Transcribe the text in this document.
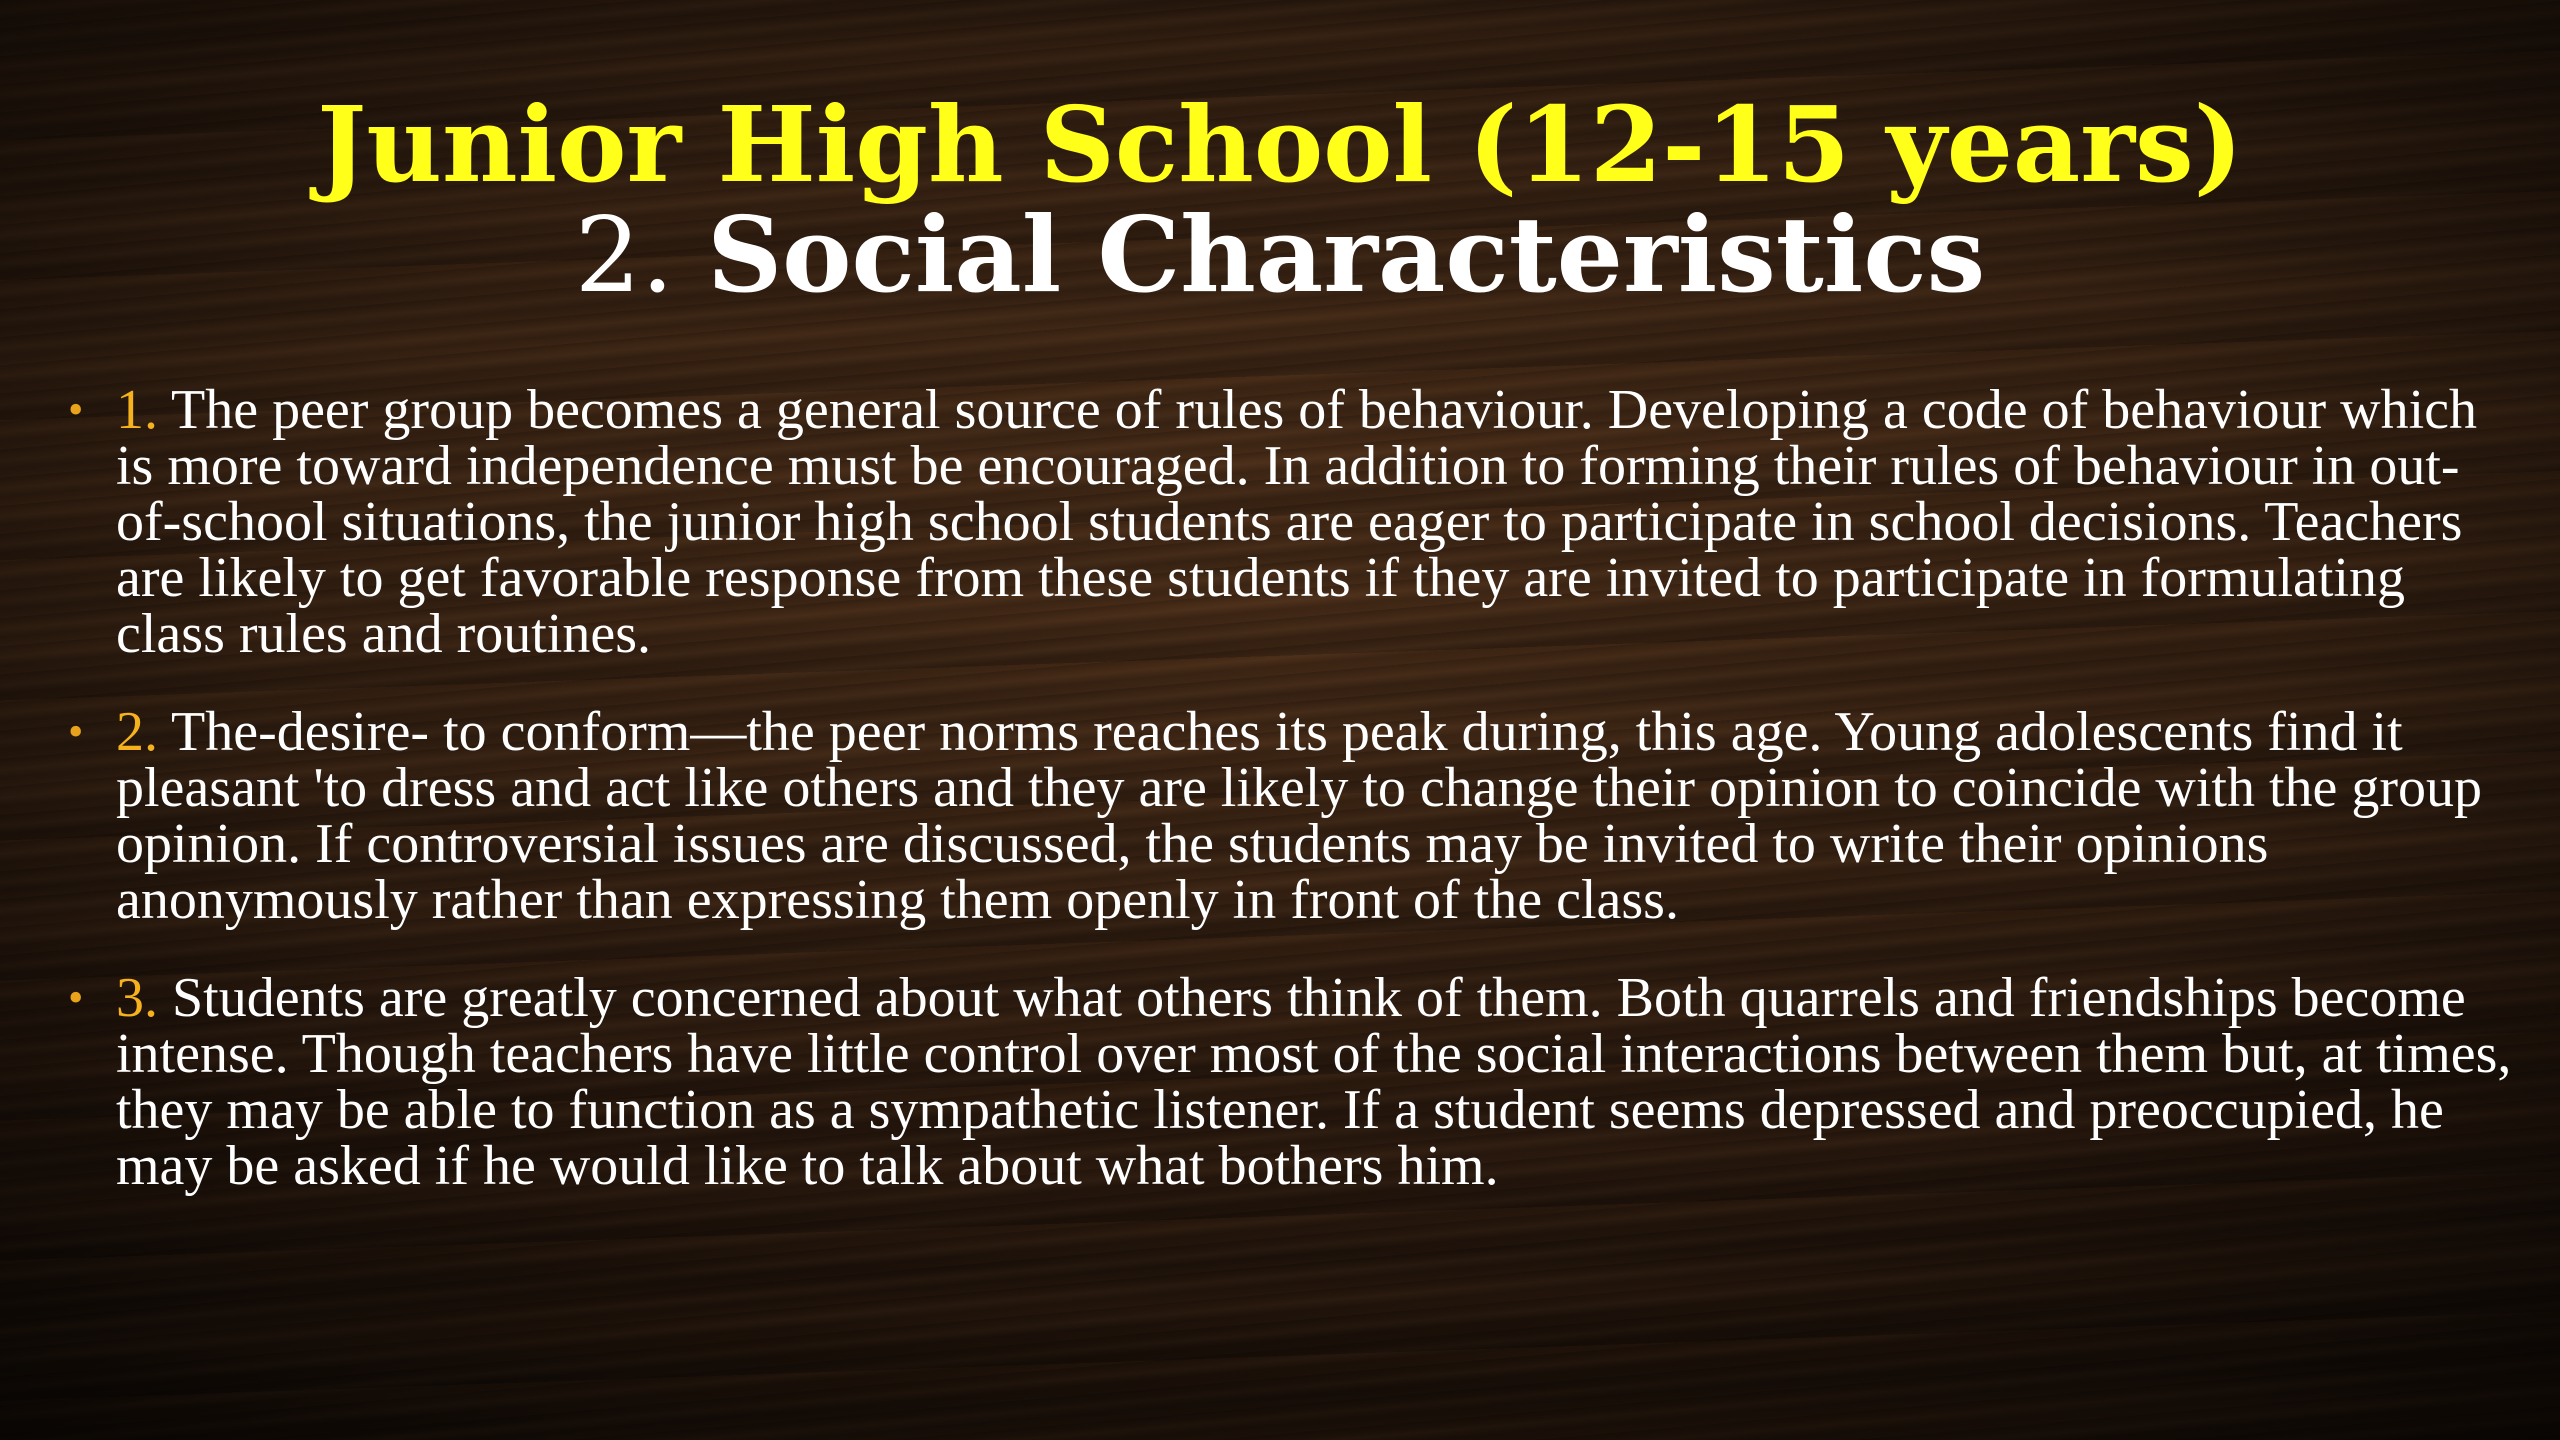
Junior High School (12-15 years)
2. Social Characteristics
• 1. The peer group becomes a general source of rules of behaviour. Developing a code of behaviour which is more toward independence must be encouraged. In addition to forming their rules of behaviour in out-of-school situations, the junior high school students are eager to participate in school decisions. Teachers are likely to get favorable response from these students if they are invited to participate in formulating class rules and routines.
• 2. The-desire- to conform—the peer norms reaches its peak during, this age. Young adolescents find it pleasant 'to dress and act like others and they are likely to change their opinion to coincide with the group opinion. If controversial issues are discussed, the students may be invited to write their opinions anonymously rather than expressing them openly in front of the class.
• 3. Students are greatly concerned about what others think of them. Both quarrels and friendships become intense. Though teachers have little control over most of the social interactions between them but, at times, they may be able to function as a sympathetic listener. If a student seems depressed and preoccupied, he may be asked if he would like to talk about what bothers him.
